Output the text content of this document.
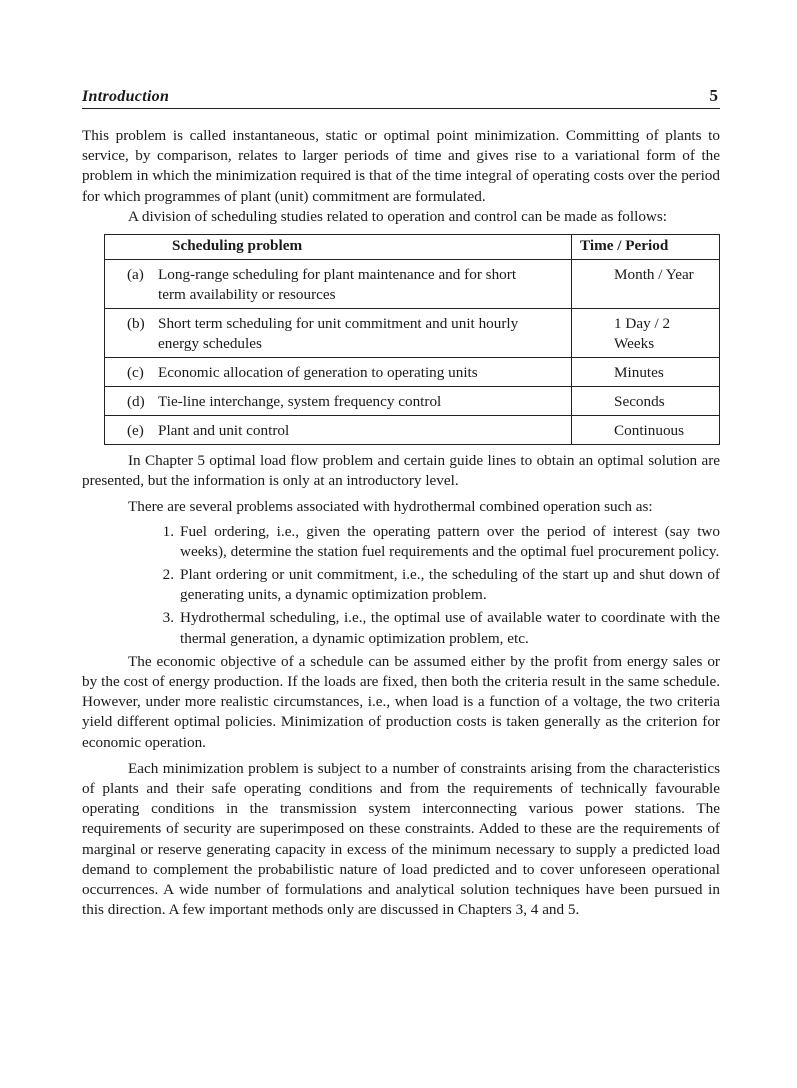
Introduction	5

This problem is called instantaneous, static or optimal point minimization. Committing of plants to service, by comparison, relates to larger periods of time and gives rise to a variational form of the problem in which the minimization required is that of the time integral of operating costs over the period for which programmes of plant (unit) commitment are formulated.

A division of scheduling studies related to operation and control can be made as follows:

Scheduling problem	Time / Period
(a) Long-range scheduling for plant maintenance and for short term availability or resources	Month / Year
(b) Short term scheduling for unit commitment and unit hourly energy schedules	1 Day / 2 Weeks
(c) Economic allocation of generation to operating units	Minutes
(d) Tie-line interchange, system frequency control	Seconds
(e) Plant and unit control	Continuous

In Chapter 5 optimal load flow problem and certain guide lines to obtain an optimal solution are presented, but the information is only at an introductory level.

There are several problems associated with hydrothermal combined operation such as:

1. Fuel ordering, i.e., given the operating pattern over the period of interest (say two weeks), determine the station fuel requirements and the optimal fuel procurement policy.
2. Plant ordering or unit commitment, i.e., the scheduling of the start up and shut down of generating units, a dynamic optimization problem.
3. Hydrothermal scheduling, i.e., the optimal use of available water to coordinate with the thermal generation, a dynamic optimization problem, etc.

The economic objective of a schedule can be assumed either by the profit from energy sales or by the cost of energy production. If the loads are fixed, then both the criteria result in the same schedule. However, under more realistic circumstances, i.e., when load is a function of a voltage, the two criteria yield different optimal policies. Minimization of production costs is taken generally as the criterion for economic operation.

Each minimization problem is subject to a number of constraints arising from the characteristics of plants and their safe operating conditions and from the requirements of technically favourable operating conditions in the transmission system interconnecting various power stations. The requirements of security are superimposed on these constraints. Added to these are the requirements of marginal or reserve generating capacity in excess of the minimum necessary to supply a predicted load demand to complement the probabilistic nature of load predicted and to cover unforeseen operational occurrences. A wide number of formulations and analytical solution techniques have been pursued in this direction. A few important methods only are discussed in Chapters 3, 4 and 5.
